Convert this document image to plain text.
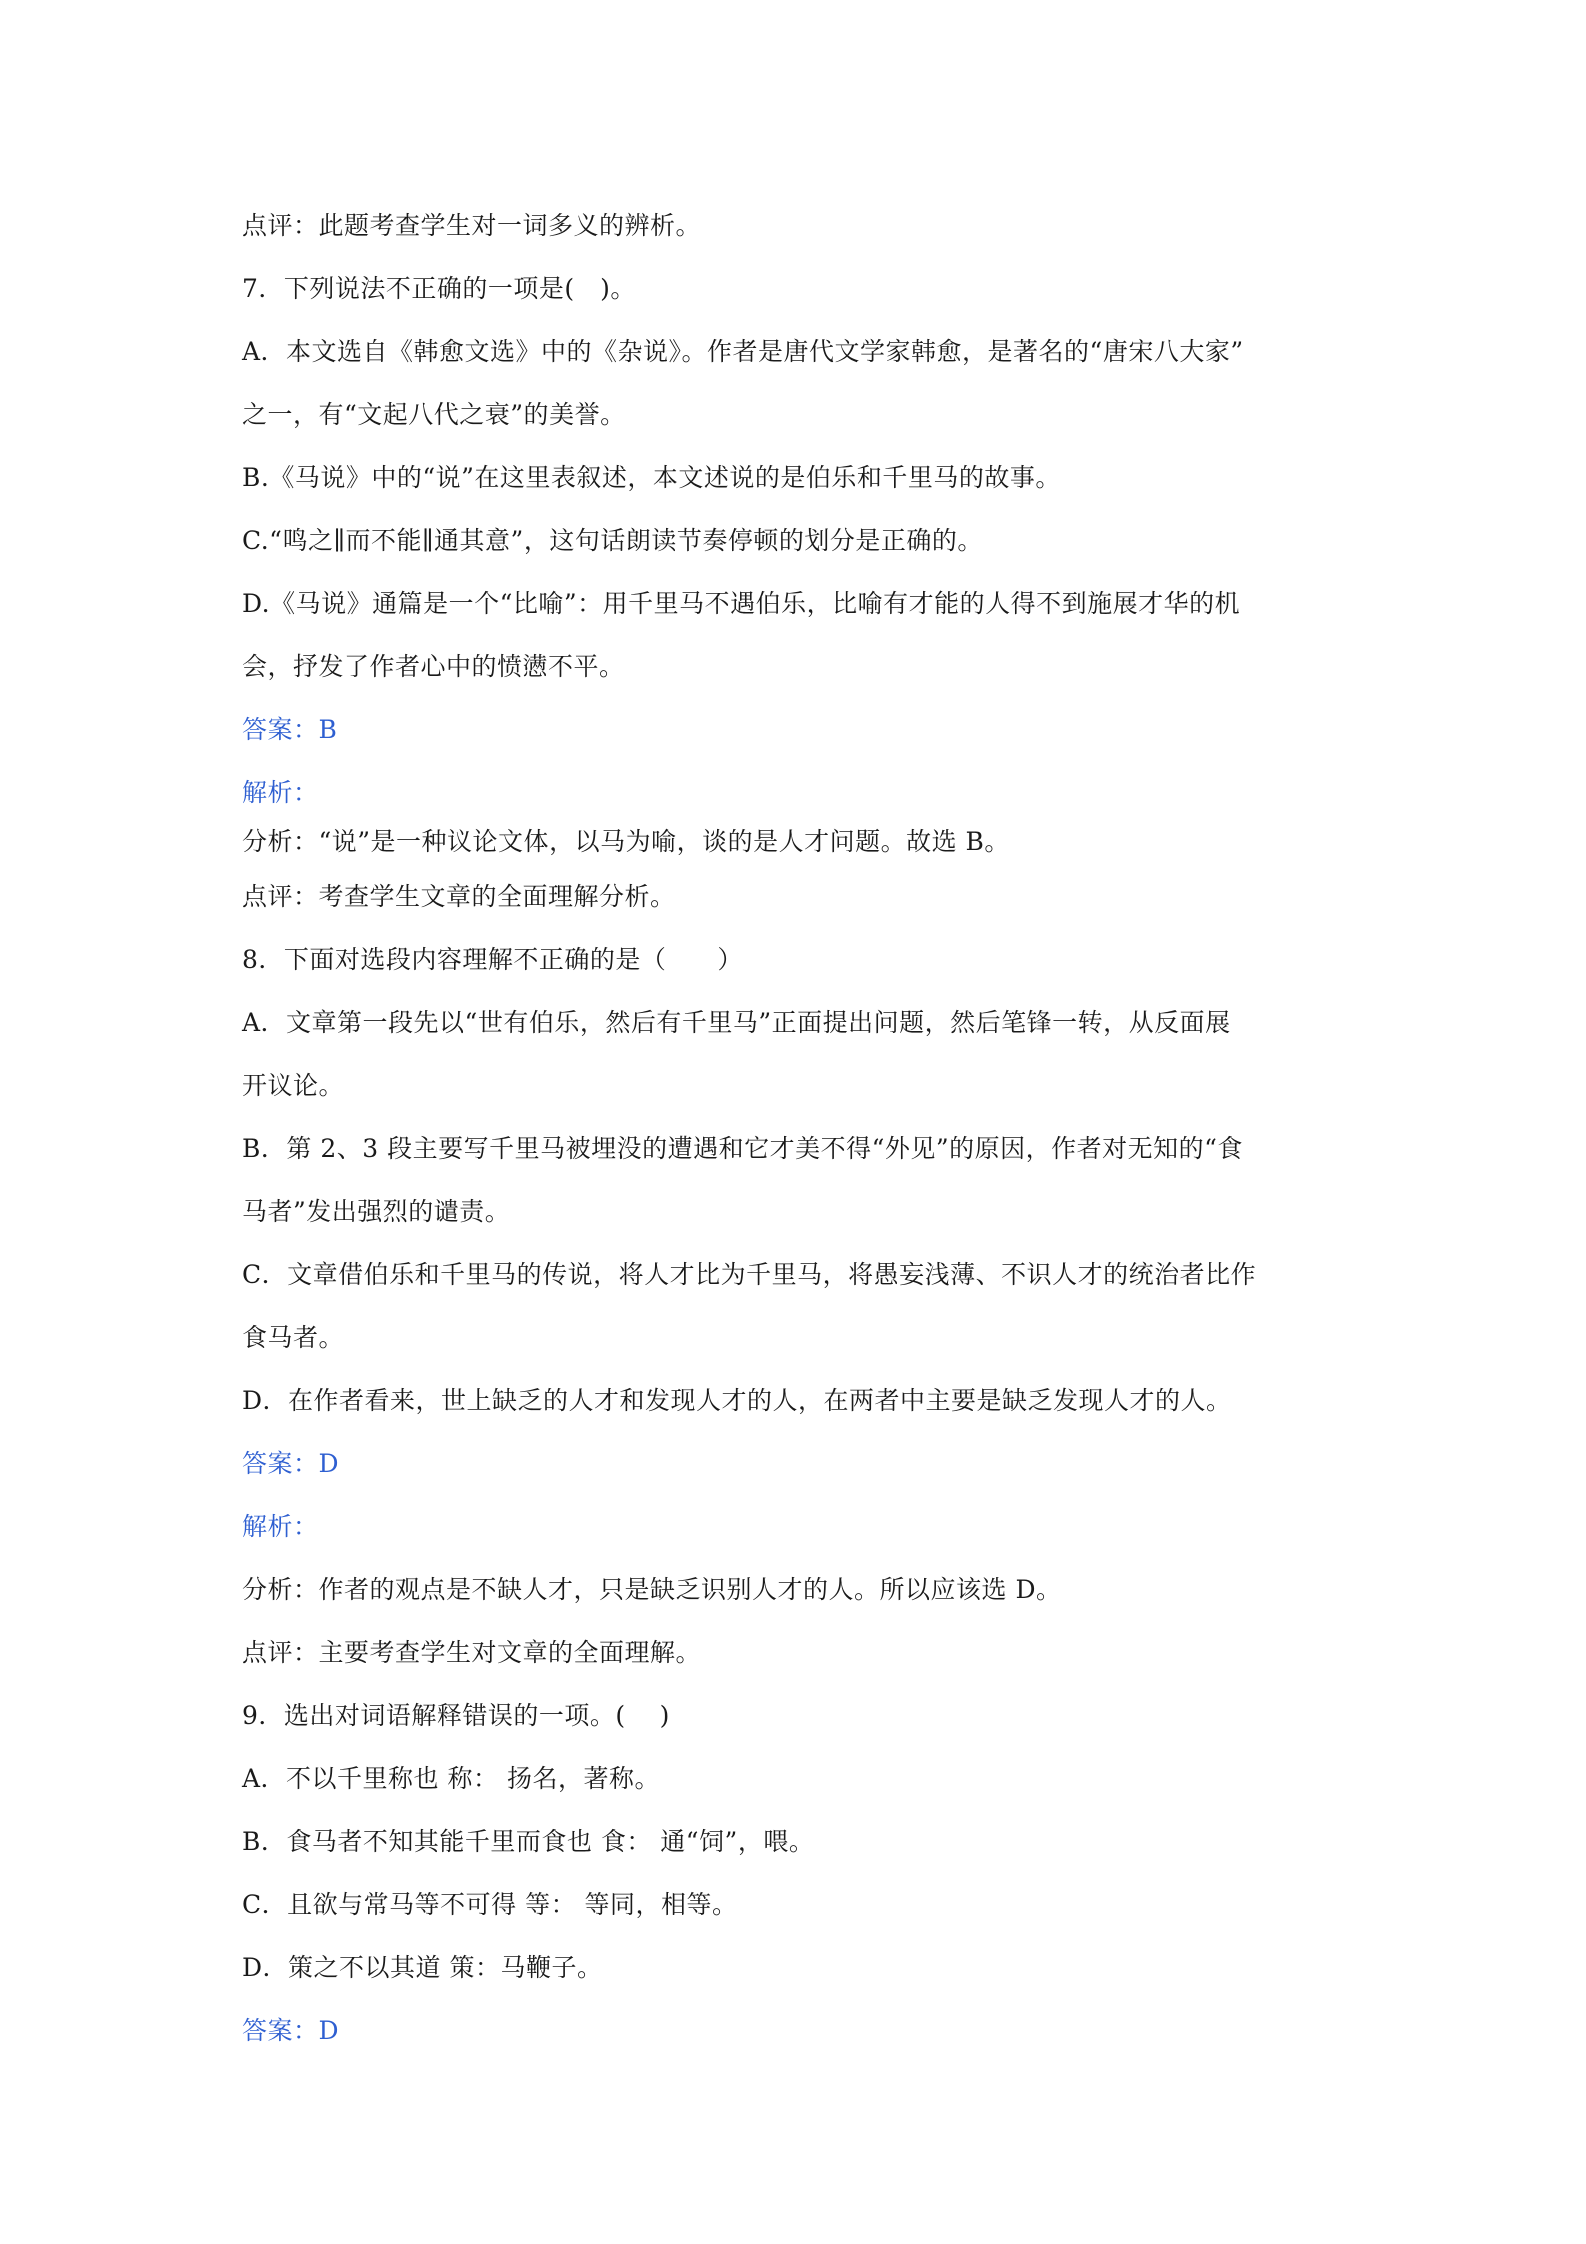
点评：此题考查学生对一词多义的辨析。
7．下列说法不正确的一项是(　)。
A．本文选自《韩愈文选》中的《杂说》。作者是唐代文学家韩愈，是著名的“唐宋八大家”
之一，有“文起八代之衰”的美誉。
B.《马说》中的“说”在这里表叙述，本文述说的是伯乐和千里马的故事。
C.“鸣之∥而不能∥通其意”，这句话朗读节奏停顿的划分是正确的。
D.《马说》通篇是一个“比喻”：用千里马不遇伯乐，比喻有才能的人得不到施展才华的机
会，抒发了作者心中的愤懑不平。
答案：B
解析：
分析：“说”是一种议论文体，以马为喻，谈的是人才问题。故选 B。
点评：考查学生文章的全面理解分析。
8．下面对选段内容理解不正确的是（　　）
A．文章第一段先以“世有伯乐，然后有千里马”正面提出问题，然后笔锋一转，从反面展
开议论。
B．第 2、3 段主要写千里马被埋没的遭遇和它才美不得“外见”的原因，作者对无知的“食
马者”发出强烈的谴责。
C．文章借伯乐和千里马的传说，将人才比为千里马，将愚妄浅薄、不识人才的统治者比作
食马者。
D．在作者看来，世上缺乏的人才和发现人才的人，在两者中主要是缺乏发现人才的人。
答案：D
解析：
分析：作者的观点是不缺人才，只是缺乏识别人才的人。所以应该选 D。
点评：主要考查学生对文章的全面理解。
9．选出对词语解释错误的一项。(　 )
A．不以千里称也 称： 扬名，著称。
B．食马者不知其能千里而食也 食： 通“饲”，喂。
C．且欲与常马等不可得 等： 等同，相等。
D．策之不以其道 策：马鞭子。
答案：D
